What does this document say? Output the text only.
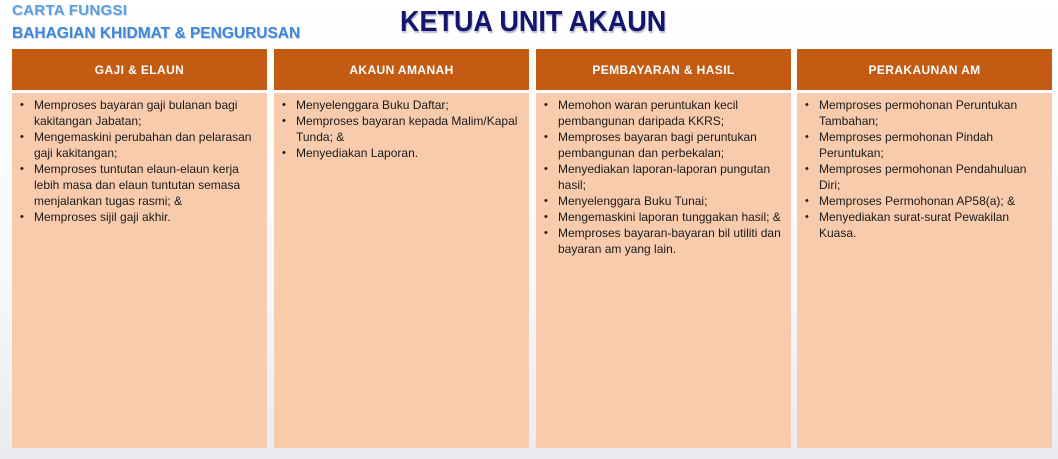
CARTA FUNGSI
BAHAGIAN KHIDMAT & PENGURUSAN	KETUA UNIT AKAUN
GAJI & ELAUN
• Memproses bayaran gaji bulanan bagi kakitangan Jabatan;
• Mengemaskini perubahan dan pelarasan gaji kakitangan;
• Memproses tuntutan elaun-elaun kerja lebih masa dan elaun tuntutan semasa menjalankan tugas rasmi; &
• Memproses sijil gaji akhir.
AKAUN AMANAH
• Menyelenggara Buku Daftar;
• Memproses bayaran kepada Malim/Kapal Tunda; &
• Menyediakan Laporan.
PEMBAYARAN & HASIL
• Memohon waran peruntukan kecil pembangunan daripada KKRS;
• Memproses bayaran bagi peruntukan pembangunan dan perbekalan;
• Menyediakan laporan-laporan pungutan hasil;
• Menyelenggara Buku Tunai;
• Mengemaskini laporan tunggakan hasil; &
• Memproses bayaran-bayaran bil utiliti dan bayaran am yang lain.
PERAKAUNAN AM
• Memproses permohonan Peruntukan Tambahan;
• Memproses permohonan Pindah Peruntukan;
• Memproses permohonan Pendahuluan Diri;
• Memproses Permohonan AP58(a); &
• Menyediakan surat-surat Pewakilan Kuasa.
